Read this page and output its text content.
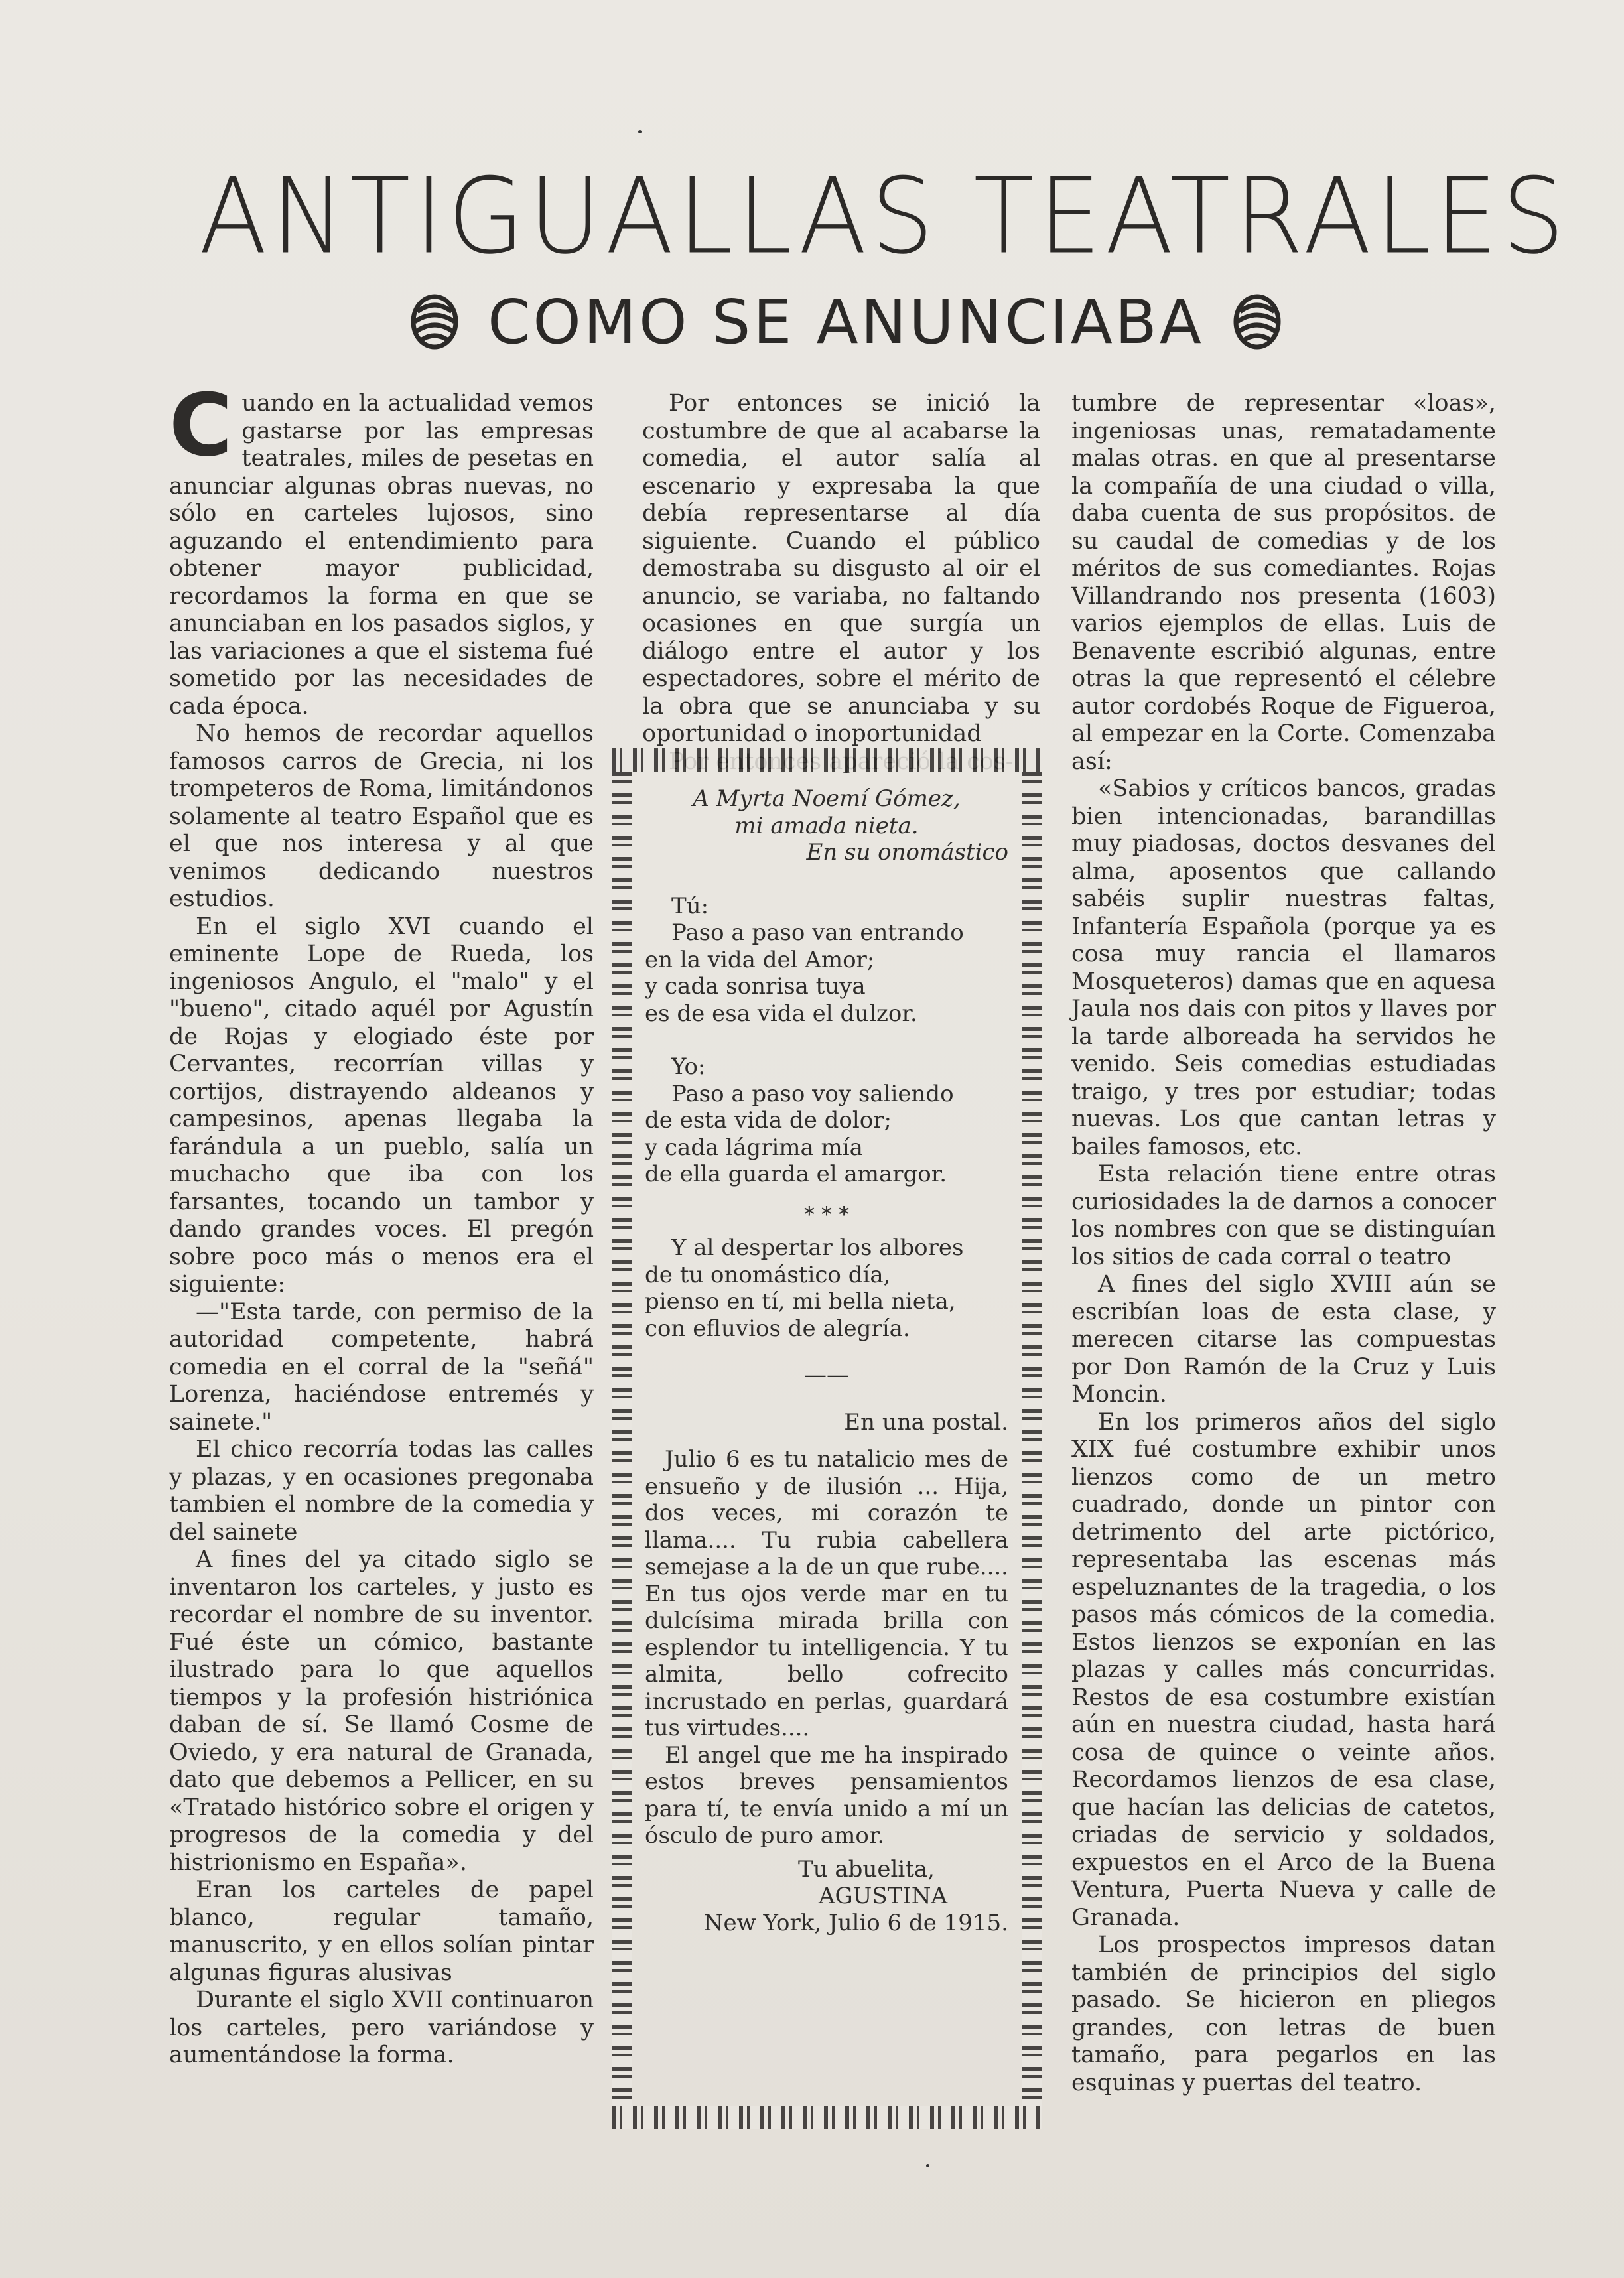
ANTIGUALLAS TEATRALES
COMO SE ANUNCIABA

Cuando en la actualidad vemos gastarse por las empresas teatrales, miles de pesetas en anunciar algunas obras nuevas, no sólo en carteles lujosos, sino aguzando el entendimiento para obtener mayor publicidad, recordamos la forma en que se anunciaban en los pasados siglos, y las variaciones a que el sistema fué sometido por las necesidades de cada época.

No hemos de recordar aquellos famosos carros de Grecia, ni los trompeteros de Roma, limitándonos solamente al teatro Español que es el que nos interesa y al que venimos dedicando nuestros estudios.

En el siglo XVI cuando el eminente Lope de Rueda, los ingeniosos Angulo, el "malo" y el "bueno", citado aquél por Agustín de Rojas y elogiado éste por Cervantes, recorrían villas y cortijos, distrayendo aldeanos y campesinos, apenas llegaba la farándula a un pueblo, salía un muchacho que iba con los farsantes, tocando un tambor y dando grandes voces. El pregón sobre poco más o menos era el siguiente:

—"Esta tarde, con permiso de la autoridad competente, habrá comedia en el corral de la "señá" Lorenza, haciéndose entremés y sainete."

El chico recorría todas las calles y plazas, y en ocasiones pregonaba tambien el nombre de la comedia y del sainete

A fines del ya citado siglo se inventaron los carteles, y justo es recordar el nombre de su inventor. Fué éste un cómico, bastante ilustrado para lo que aquellos tiempos y la profesión histriónica daban de sí. Se llamó Cosme de Oviedo, y era natural de Granada, dato que debemos a Pellicer, en su «Tratado histórico sobre el origen y progresos de la comedia y del histrionismo en España».

Eran los carteles de papel blanco, regular tamaño, manuscrito, y en ellos solían pintar algunas figuras alusivas

Durante el siglo XVII continuaron los carteles, pero variándose y aumentándose la forma.

Por entonces se inició la costumbre de que al acabarse la comedia, el autor salía al escenario y expresaba la que debía representarse al día siguiente. Cuando el público demostraba su disgusto al oir el anuncio, se variaba, no faltando ocasiones en que surgía un diálogo entre el autor y los espectadores, sobre el mérito de la obra que se anunciaba y su oportunidad o inoportunidad

A Myrta Noemí Gómez,
mi amada nieta.
En su onomástico
Tú:
Paso a paso van entrando
en la vida del Amor;
y cada sonrisa tuya
es de esa vida el dulzor.
Yo:
Paso a paso voy saliendo
de esta vida de dolor;
y cada lágrima mía
de ella guarda el amargor.
* * *
Y al despertar los albores
de tu onomástico día,
pienso en tí, mi bella nieta,
con efluvios de alegría.
——
En una postal.
Julio 6 es tu natalicio mes de ensueño y de ilusión ... Hija, dos veces, mi corazón te llama.... Tu rubia cabellera semejase a la de un que rube.... En tus ojos verde mar en tu dulcísima mirada brilla con esplendor tu intelligencia. Y tu almita, bello cofrecito incrustado en perlas, guardará tus virtudes....
El angel que me ha inspirado estos breves pensamientos para tí, te envía unido a mí un ósculo de puro amor.
Tu abuelita,
AGUSTINA
New York, Julio 6 de 1915.

tumbre de representar «loas», ingeniosas unas, rematadamente malas otras. en que al presentarse la compañía de una ciudad o villa, daba cuenta de sus propósitos. de su caudal de comedias y de los méritos de sus comediantes. Rojas Villandrando nos presenta (1603) varios ejemplos de ellas. Luis de Benavente escribió algunas, entre otras la que representó el célebre autor cordobés Roque de Figueroa, al empezar en la Corte. Comenzaba así:

«Sabios y críticos bancos, gradas bien intencionadas, barandillas muy piadosas, doctos desvanes del alma, aposentos que callando sabéis suplir nuestras faltas, Infantería Española (porque ya es cosa muy rancia el llamaros Mosqueteros) damas que en aquesa Jaula nos dais con pitos y llaves por la tarde alboreada ha servidos he venido. Seis comedias estudiadas traigo, y tres por estudiar; todas nuevas. Los que cantan letras y bailes famosos, etc.

Esta relación tiene entre otras curiosidades la de darnos a conocer los nombres con que se distinguían los sitios de cada corral o teatro

A fines del siglo XVIII aún se escribían loas de esta clase, y merecen citarse las compuestas por Don Ramón de la Cruz y Luis Moncin.

En los primeros años del siglo XIX fué costumbre exhibir unos lienzos como de un metro cuadrado, donde un pintor con detrimento del arte pictórico, representaba las escenas más espeluznantes de la tragedia, o los pasos más cómicos de la comedia. Estos lienzos se exponían en las plazas y calles más concurridas. Restos de esa costumbre existían aún en nuestra ciudad, hasta hará cosa de quince o veinte años. Recordamos lienzos de esa clase, que hacían las delicias de catetos, criadas de servicio y soldados, expuestos en el Arco de la Buena Ventura, Puerta Nueva y calle de Granada.

Los prospectos impresos datan también de principios del siglo pasado. Se hicieron en pliegos grandes, con letras de buen tamaño, para pegarlos en las esquinas y puertas del teatro.
